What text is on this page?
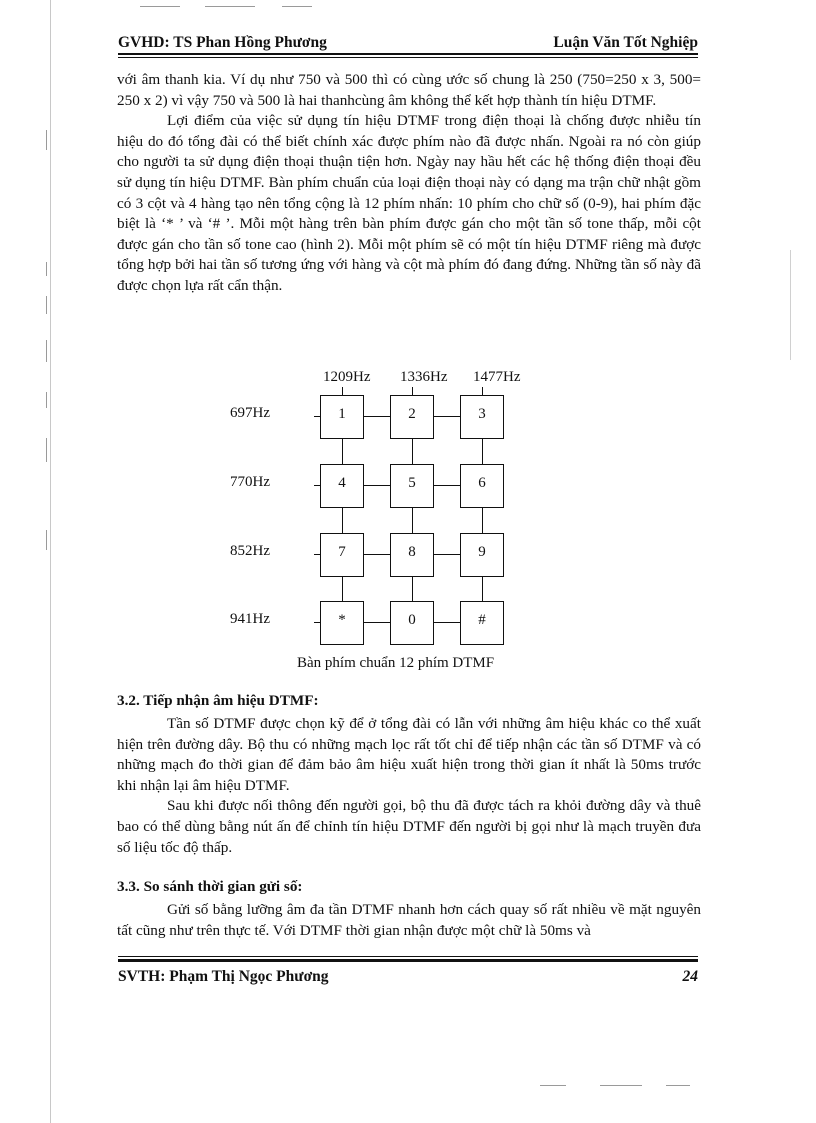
GVHD: TS Phan Hồng Phương	Luận Văn Tốt Nghiệp

với âm thanh kia. Ví dụ như 750 và 500 thì có cùng ước số chung là 250 (750=250 x 3, 500= 250 x 2) vì vậy 750 và 500 là hai thanhcùng âm không thể kết hợp thành tín hiệu DTMF.

Lợi điểm của việc sử dụng tín hiệu DTMF trong điện thoại là chống được nhiễu tín hiệu do đó tổng đài có thể biết chính xác được phím nào đã được nhấn. Ngoài ra nó còn giúp cho người ta sử dụng điện thoại thuận tiện hơn. Ngày nay hầu hết các hệ thống điện thoại đều sử dụng tín hiệu DTMF. Bàn phím chuẩn của loại điện thoại này có dạng ma trận chữ nhật gồm có 3 cột và 4 hàng tạo nên tổng cộng là 12 phím nhấn: 10 phím cho chữ số (0-9), hai phím đặc biệt là ‘* ’ và ‘# ’. Mỗi một hàng trên bàn phím được gán cho một tần số tone thấp, mỗi cột được gán cho tần số tone cao (hình 2). Mỗi một phím sẽ có một tín hiệu DTMF riêng mà được tổng hợp bởi hai tần số tương ứng với hàng và cột mà phím đó đang đứng. Những tần số này đã được chọn lựa rất cẩn thận.

1209Hz 1336Hz 1477Hz
697Hz
770Hz
852Hz
941Hz
1	2	3
4	5	6
7	8	9
*	0	#
Bàn phím chuẩn 12 phím DTMF
3.2. Tiếp nhận âm hiệu DTMF:

Tần số DTMF được chọn kỹ để ở tổng đài có lẫn với những âm hiệu khác co thể xuất hiện trên đường dây. Bộ thu có những mạch lọc rất tốt chỉ để tiếp nhận các tần số DTMF và có những mạch đo thời gian để đảm bảo âm hiệu xuất hiện trong thời gian ít nhất là 50ms trước khi nhận lại âm hiệu DTMF.

Sau khi được nối thông đến người gọi, bộ thu đã được tách ra khỏi đường dây và thuê bao có thể dùng bằng nút ấn để chỉnh tín hiệu DTMF đến người bị gọi như là mạch truyền đưa số liệu tốc độ thấp.

3.3. So sánh thời gian gửi số:

Gửi số bằng lưỡng âm đa tần DTMF nhanh hơn cách quay số rất nhiều về mặt nguyên tất cũng như trên thực tế. Với DTMF thời gian nhận được một chữ là 50ms và

SVTH: Phạm Thị Ngọc Phương	24
